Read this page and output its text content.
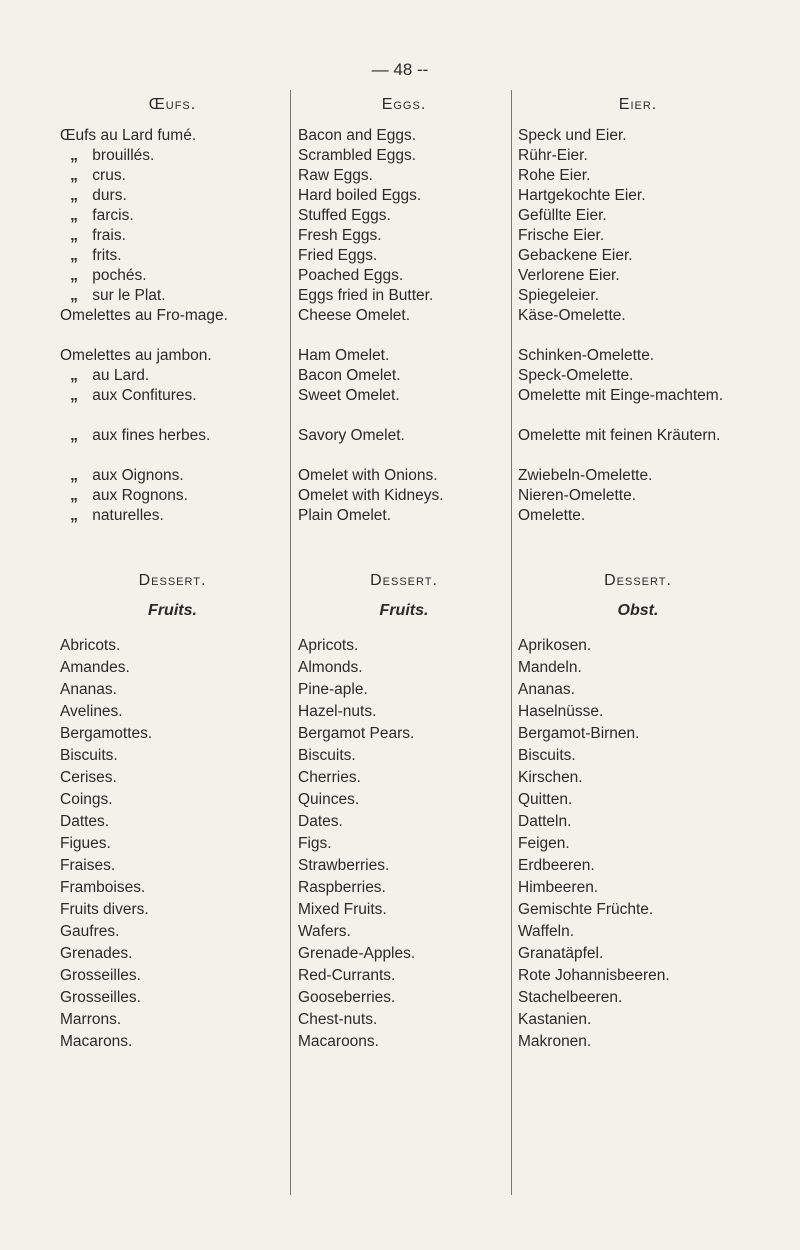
— 48 --
Œufs.
Œufs au Lard fumé.
„ brouillés.
„ crus.
„ durs.
„ farcis.
„ frais.
„ frits.
„ pochés.
„ sur le Plat.
Omelettes au Fro-mage.
Omelettes au jambon.
„ au Lard.
„ aux Confitures.
„ aux fines herbes.
„ aux Oignons.
„ aux Rognons.
„ naturelles.
Dessert.
Fruits.
Abricots.
Amandes.
Ananas.
Avelines.
Bergamottes.
Biscuits.
Cerises.
Coings.
Dattes.
Figues.
Fraises.
Framboises.
Fruits divers.
Gaufres.
Grenades.
Grosseilles.
Grosseilles.
Marrons.
Macarons.
Eggs.
Bacon and Eggs.
Scrambled Eggs.
Raw Eggs.
Hard boiled Eggs.
Stuffed Eggs.
Fresh Eggs.
Fried Eggs.
Poached Eggs.
Eggs fried in Butter.
Cheese Omelet.
Ham Omelet.
Bacon Omelet.
Sweet Omelet.
Savory Omelet.
Omelet with Onions.
Omelet with Kidneys.
Plain Omelet.
Dessert.
Fruits.
Apricots.
Almonds.
Pine-aple.
Hazel-nuts.
Bergamot Pears.
Biscuits.
Cherries.
Quinces.
Dates.
Figs.
Strawberries.
Raspberries.
Mixed Fruits.
Wafers.
Grenade-Apples.
Red-Currants.
Gooseberries.
Chest-nuts.
Macaroons.
Eier.
Speck und Eier.
Rühr-Eier.
Rohe Eier.
Hartgekochte Eier.
Gefüllte Eier.
Frische Eier.
Gebackene Eier.
Verlorene Eier.
Spiegeleier.
Käse-Omelette.
Schinken-Omelette.
Speck-Omelette.
Omelette mit Einge-machtem.
Omelette mit feinen Kräutern.
Zwiebeln-Omelette.
Nieren-Omelette.
Omelette.
Dessert.
Obst.
Aprikosen.
Mandeln.
Ananas.
Haselnüsse.
Bergamot-Birnen.
Biscuits.
Kirschen.
Quitten.
Datteln.
Feigen.
Erdbeeren.
Himbeeren.
Gemischte Früchte.
Waffeln.
Granatäpfel.
Rote Johannisbeeren.
Stachelbeeren.
Kastanien.
Makronen.
